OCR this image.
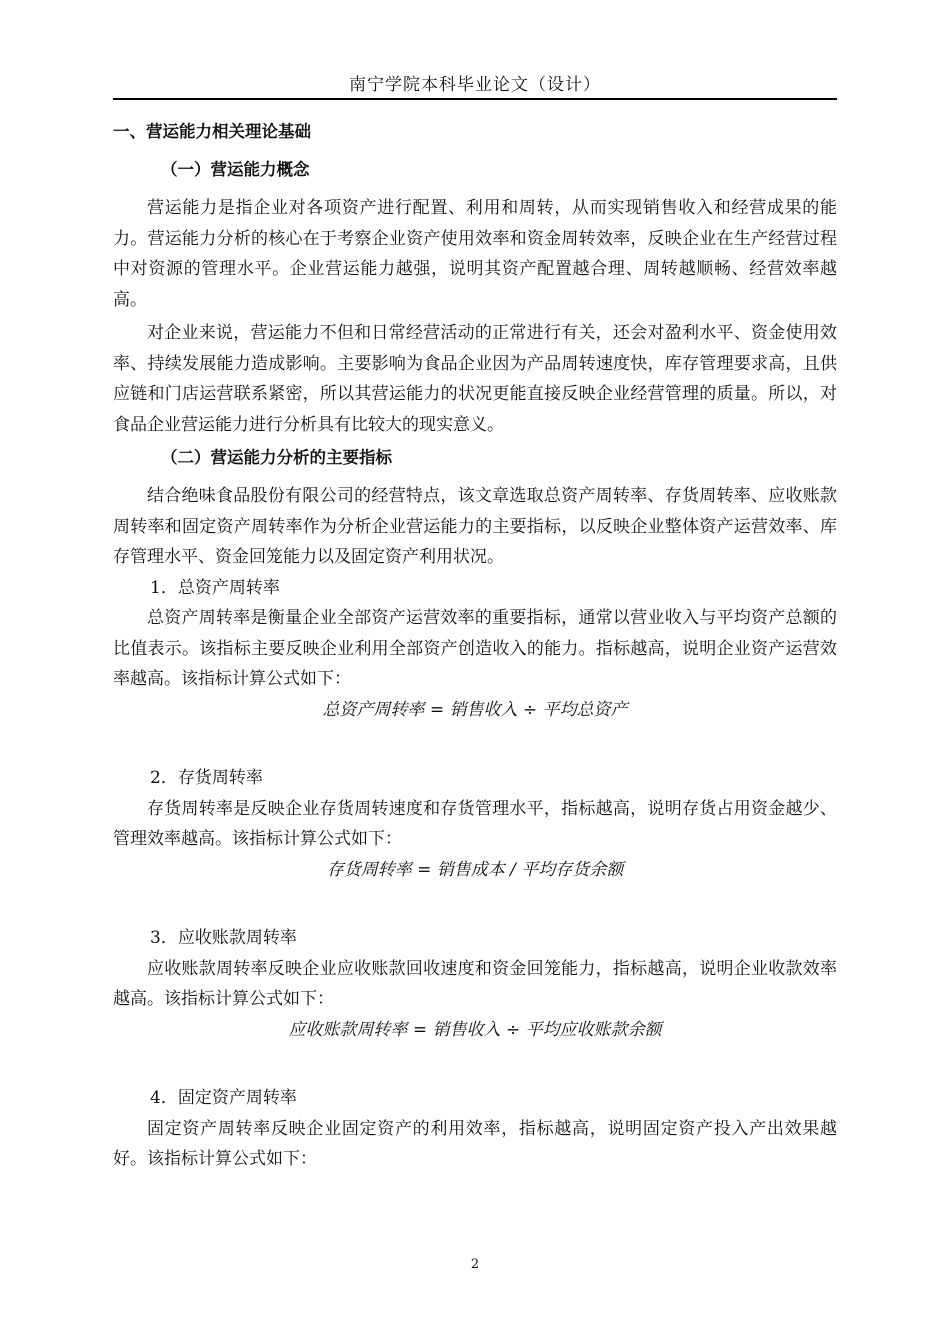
南宁学院本科毕业论文（设计）
一、营运能力相关理论基础
（一）营运能力概念

营运能力是指企业对各项资产进行配置、利用和周转，从而实现销售收入和经营成果的能力。营运能力分析的核心在于考察企业资产使用效率和资金周转效率，反映企业在生产经营过程中对资源的管理水平。企业营运能力越强，说明其资产配置越合理、周转越顺畅、经营效率越高。

对企业来说，营运能力不但和日常经营活动的正常进行有关，还会对盈利水平、资金使用效率、持续发展能力造成影响。主要影响为食品企业因为产品周转速度快，库存管理要求高，且供应链和门店运营联系紧密，所以其营运能力的状况更能直接反映企业经营管理的质量。所以，对食品企业营运能力进行分析具有比较大的现实意义。

（二）营运能力分析的主要指标

结合绝味食品股份有限公司的经营特点，该文章选取总资产周转率、存货周转率、应收账款周转率和固定资产周转率作为分析企业营运能力的主要指标，以反映企业整体资产运营效率、库存管理水平、资金回笼能力以及固定资产利用状况。

1．总资产周转率

总资产周转率是衡量企业全部资产运营效率的重要指标，通常以营业收入与平均资产总额的比值表示。该指标主要反映企业利用全部资产创造收入的能力。指标越高，说明企业资产运营效率越高。该指标计算公式如下：

总资产周转率 = 销售收入 ÷ 平均总资产
2．存货周转率

存货周转率是反映企业存货周转速度和存货管理水平，指标越高，说明存货占用资金越少、管理效率越高。该指标计算公式如下：

存货周转率 = 销售成本 / 平均存货余额
3．应收账款周转率

应收账款周转率反映企业应收账款回收速度和资金回笼能力，指标越高，说明企业收款效率越高。该指标计算公式如下：

应收账款周转率 = 销售收入 ÷ 平均应收账款余额
4．固定资产周转率

固定资产周转率反映企业固定资产的利用效率，指标越高，说明固定资产投入产出效果越好。该指标计算公式如下：

2
